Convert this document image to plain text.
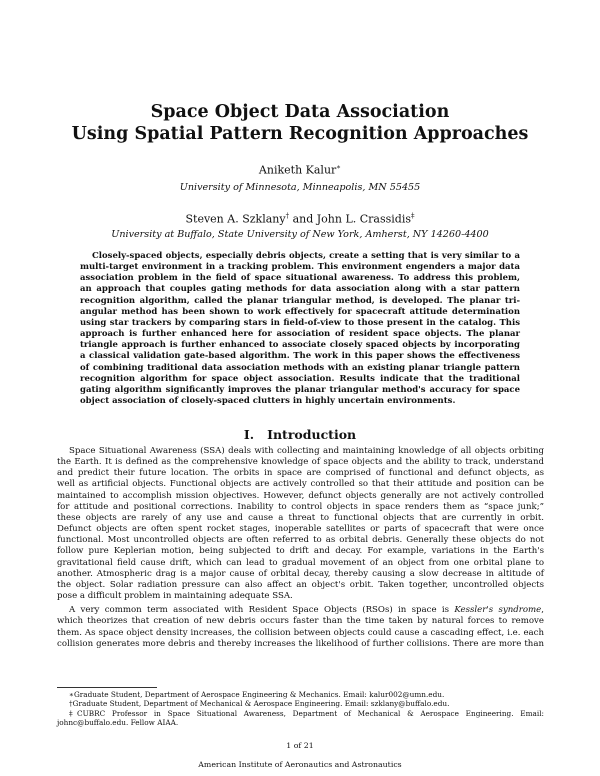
Space Object Data Association
Using Spatial Pattern Recognition Approaches
Aniketh Kalur∗
University of Minnesota, Minneapolis, MN 55455
Steven A. Szklany† and John L. Crassidis‡
University at Buffalo, State University of New York, Amherst, NY 14260-4400
Closely-spaced objects, especially debris objects, create a setting that is very similar to a
multi-target environment in a tracking problem. This environment engenders a major data
association problem in the field of space situational awareness. To address this problem,
an approach that couples gating methods for data association along with a star pattern
recognition algorithm, called the planar triangular method, is developed. The planar tri-
angular method has been shown to work effectively for spacecraft attitude determination
using star trackers by comparing stars in field-of-view to those present in the catalog. This
approach is further enhanced here for association of resident space objects. The planar
triangle approach is further enhanced to associate closely spaced objects by incorporating
a classical validation gate-based algorithm. The work in this paper shows the effectiveness
of combining traditional data association methods with an existing planar triangle pattern
recognition algorithm for space object association. Results indicate that the traditional
gating algorithm significantly improves the planar triangular method's accuracy for space
object association of closely-spaced clutters in highly uncertain environments.
I. Introduction
Space Situational Awareness (SSA) deals with collecting and maintaining knowledge of all objects orbiting
the Earth. It is defined as the comprehensive knowledge of space objects and the ability to track, understand
and predict their future location. The orbits in space are comprised of functional and defunct objects, as
well as artificial objects. Functional objects are actively controlled so that their attitude and position can be
maintained to accomplish mission objectives. However, defunct objects generally are not actively controlled
for attitude and positional corrections. Inability to control objects in space renders them as “space junk;”
these objects are rarely of any use and cause a threat to functional objects that are currently in orbit.
Defunct objects are often spent rocket stages, inoperable satellites or parts of spacecraft that were once
functional. Most uncontrolled objects are often referred to as orbital debris. Generally these objects do not
follow pure Keplerian motion, being subjected to drift and decay. For example, variations in the Earth's
gravitational field cause drift, which can lead to gradual movement of an object from one orbital plane to
another. Atmospheric drag is a major cause of orbital decay, thereby causing a slow decrease in altitude of
the object. Solar radiation pressure can also affect an object's orbit. Taken together, uncontrolled objects
pose a difficult problem in maintaining adequate SSA.
A very common term associated with Resident Space Objects (RSOs) in space is Kessler's syndrome,
which theorizes that creation of new debris occurs faster than the time taken by natural forces to remove
them. As space object density increases, the collision between objects could cause a cascading effect, i.e. each
collision generates more debris and thereby increases the likelihood of further collisions. There are more than
∗Graduate Student, Department of Aerospace Engineering & Mechanics. Email: kalur002@umn.edu.
†Graduate Student, Department of Mechanical & Aerospace Engineering. Email: szklany@buffalo.edu.
‡CUBRC Professor in Space Situational Awareness, Department of Mechanical & Aerospace Engineering. Email:
johnc@buffalo.edu. Fellow AIAA.
1 of 21
American Institute of Aeronautics and Astronautics
